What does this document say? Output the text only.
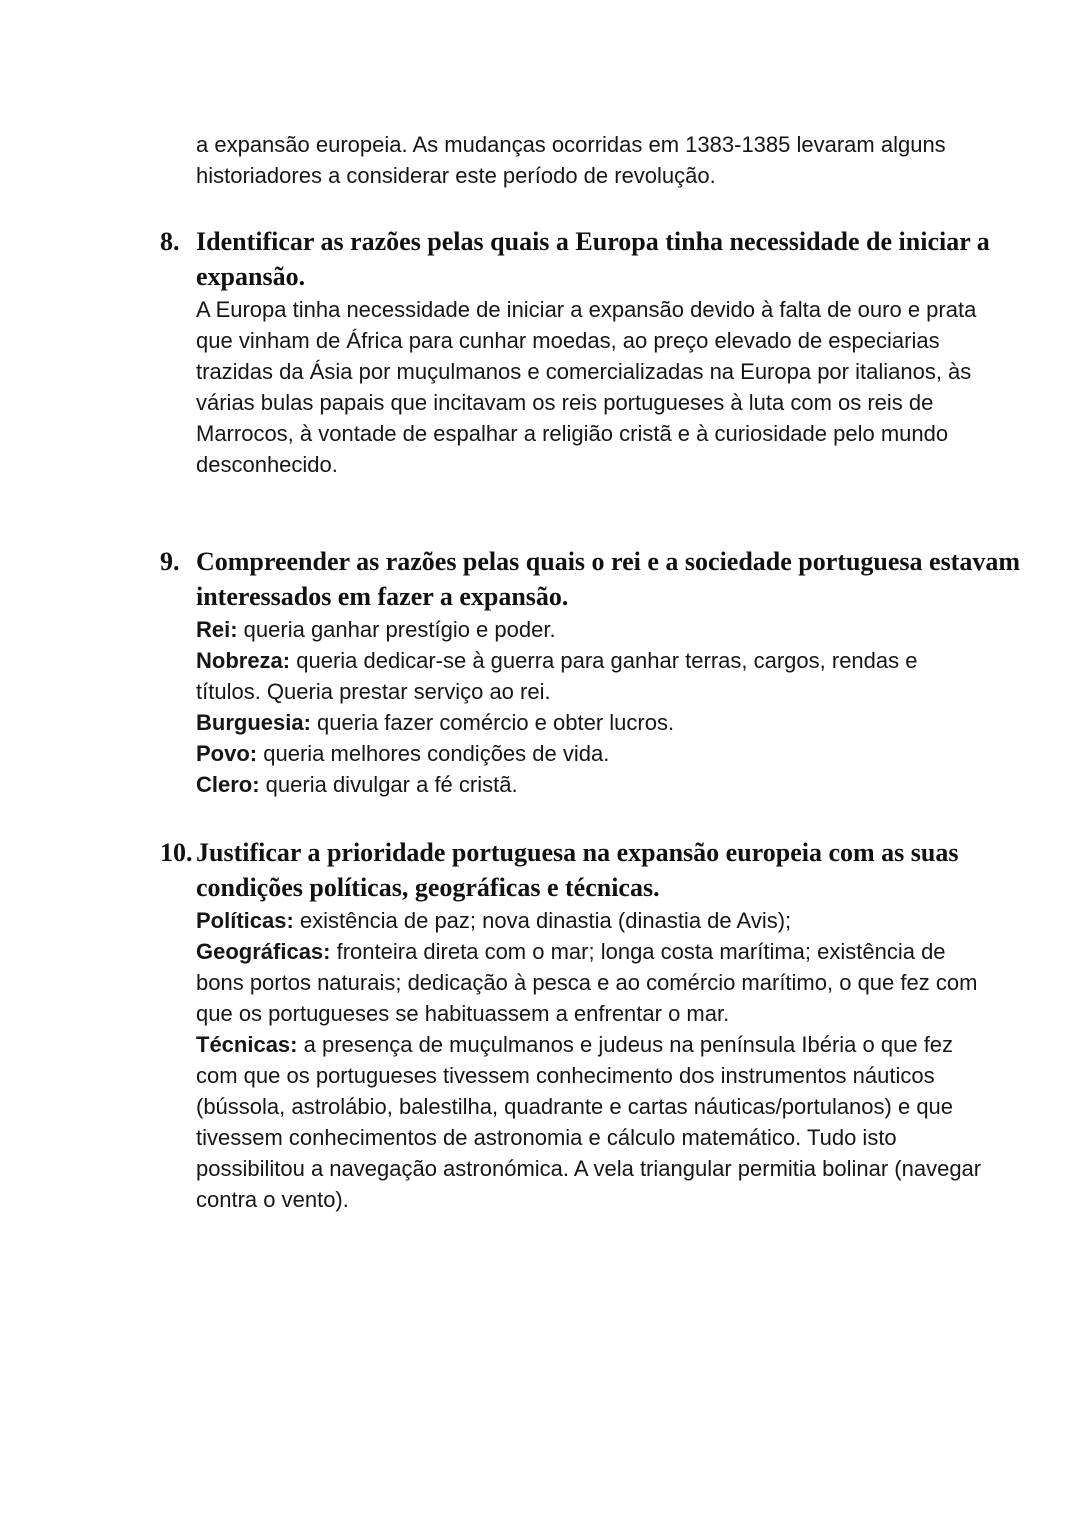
a expansão europeia. As mudanças ocorridas em 1383-1385 levaram alguns historiadores a considerar este período de revolução.
8. Identificar as razões pelas quais a Europa tinha necessidade de iniciar a expansão.

A Europa tinha necessidade de iniciar a expansão devido à falta de ouro e prata que vinham de África para cunhar moedas, ao preço elevado de especiarias trazidas da Ásia por muçulmanos e comercializadas na Europa por italianos, às várias bulas papais que incitavam os reis portugueses à luta com os reis de Marrocos, à vontade de espalhar a religião cristã e à curiosidade pelo mundo desconhecido.

9. Compreender as razões pelas quais o rei e a sociedade portuguesa estavam interessados em fazer a expansão.

Rei: queria ganhar prestígio e poder.

Nobreza: queria dedicar-se à guerra para ganhar terras, cargos, rendas e títulos. Queria prestar serviço ao rei.

Burguesia: queria fazer comércio e obter lucros.

Povo: queria melhores condições de vida.

Clero: queria divulgar a fé cristã.

10. Justificar a prioridade portuguesa na expansão europeia com as suas condições políticas, geográficas e técnicas.

Políticas: existência de paz; nova dinastia (dinastia de Avis);

Geográficas: fronteira direta com o mar; longa costa marítima; existência de bons portos naturais; dedicação à pesca e ao comércio marítimo, o que fez com que os portugueses se habituassem a enfrentar o mar.

Técnicas: a presença de muçulmanos e judeus na península Ibéria o que fez com que os portugueses tivessem conhecimento dos instrumentos náuticos (bússola, astrolábio, balestilha, quadrante e cartas náuticas/portulanos) e que tivessem conhecimentos de astronomia e cálculo matemático. Tudo isto possibilitou a navegação astronómica. A vela triangular permitia bolinar (navegar contra o vento).
